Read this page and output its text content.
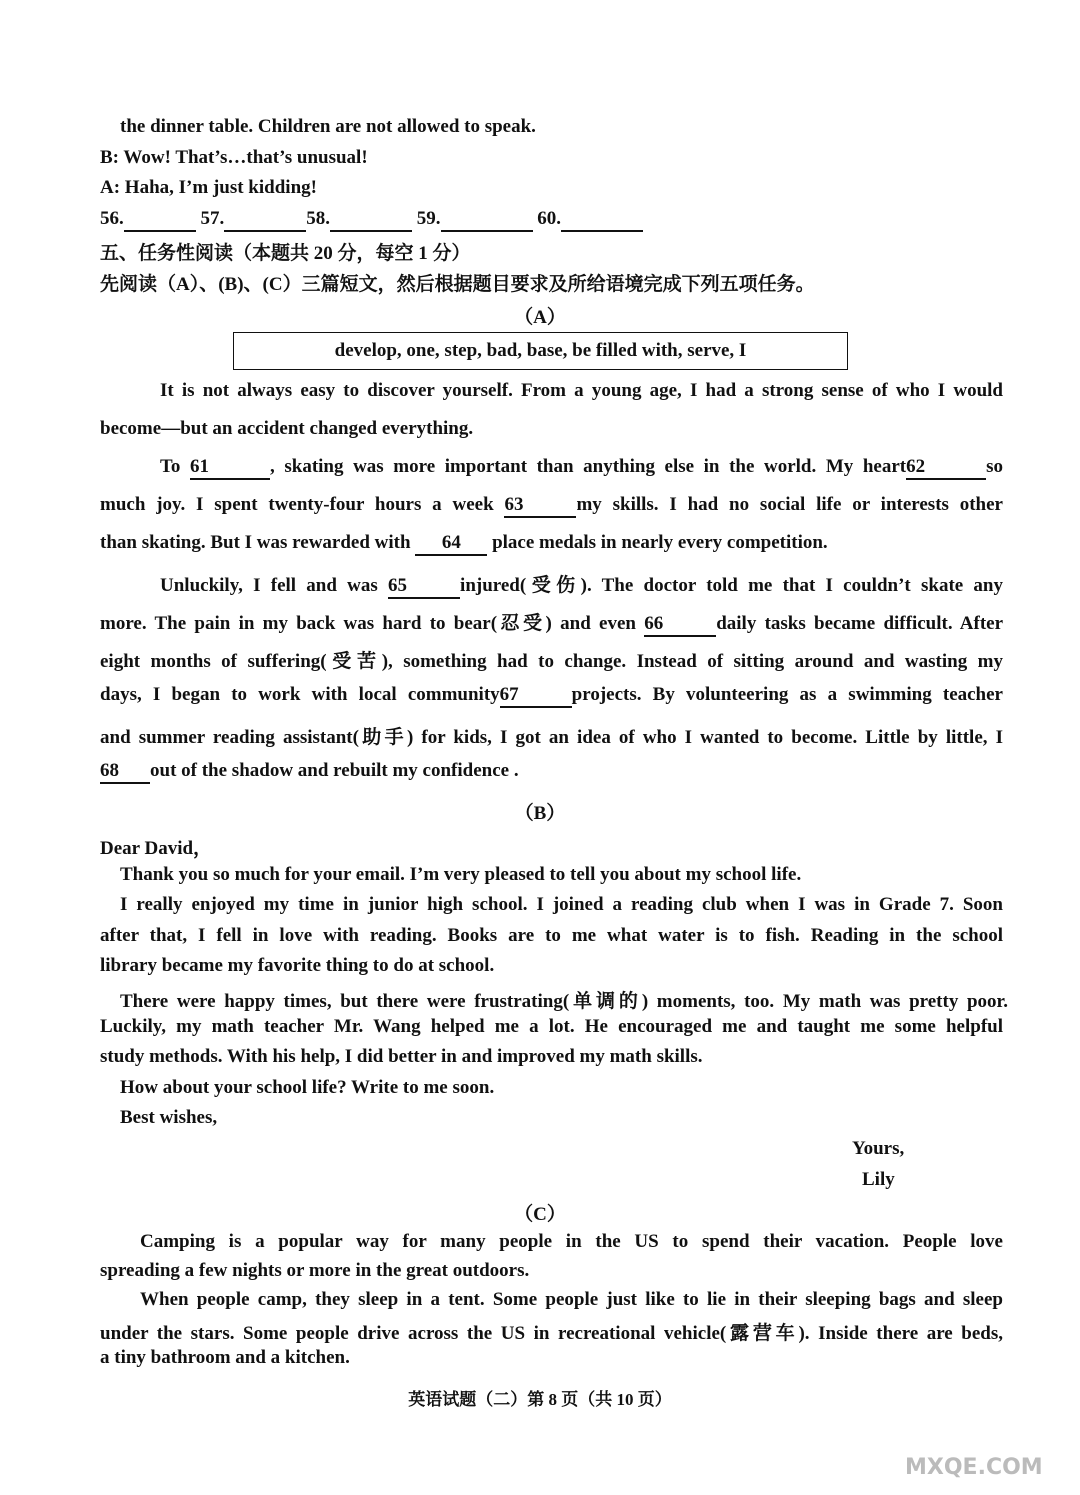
the dinner table. Children are not allowed to speak.
B: Wow! That’s…that’s unusual!
A: Haha, I’m just kidding!
56.	57.	58.	59.	60.
五、任务性阅读（本题共 20 分，每空 1 分）
先阅读（A）、(B)、(C）三篇短文，然后根据题目要求及所给语境完成下列五项任务。
（A）
develop, one, step, bad, base, be filled with, serve, I
It is not always easy to discover yourself. From a young age, I had a strong sense of who I would
become—but an accident changed everything.
To 61	, skating was more important than anything else in the world. My heart62	so
much joy. I spent twenty-four hours a week 63	my skills. I had no social life or interests other
than skating. But I was rewarded with 64 place medals in nearly every competition.
Unluckily, I fell and was 65	injured(受伤). The doctor told me that I couldn’t skate any
more. The pain in my back was hard to bear(忍受) and even 66	daily tasks became difficult. After
eight months of suffering(受苦), something had to change. Instead of sitting around and wasting my
days, I began to work with local community67	projects. By volunteering as a swimming teacher
and summer reading assistant(助手) for kids, I got an idea of who I wanted to become. Little by little, I
68 out of the shadow and rebuilt my confidence .
（B）
Dear David，
Thank you so much for your email. I’m very pleased to tell you about my school life.
I really enjoyed my time in junior high school. I joined a reading club when I was in Grade 7. Soon
after that, I fell in love with reading. Books are to me what water is to fish. Reading in the school
library became my favorite thing to do at school.
There were happy times, but there were frustrating(单调的) moments, too. My math was pretty poor.
Luckily, my math teacher Mr. Wang helped me a lot. He encouraged me and taught me some helpful
study methods. With his help, I did better in and improved my math skills.
How about your school life? Write to me soon.
Best wishes,
Yours,
Lily
（C）
Camping is a popular way for many people in the US to spend their vacation. People love
spreading a few nights or more in the great outdoors.
When people camp, they sleep in a tent. Some people just like to lie in their sleeping bags and sleep
under the stars. Some people drive across the US in recreational vehicle(露营车). Inside there are beds,
a tiny bathroom and a kitchen.
英语试题（二）第 8 页（共 10 页）
MXQE.COM
